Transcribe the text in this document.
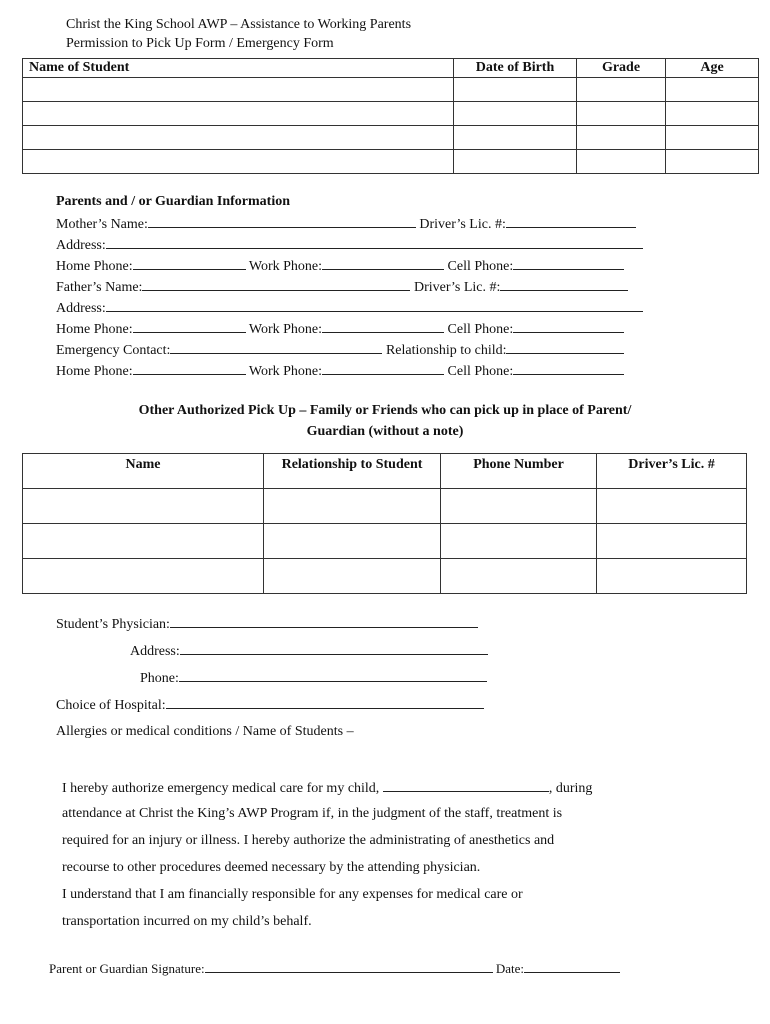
Christ the King School AWP – Assistance to Working Parents
Permission to Pick Up Form / Emergency Form
Name of Student	Date of Birth	Grade	Age

Parents and / or Guardian Information
Mother’s Name:	Driver’s Lic. #:
Address:
Home Phone:	Work Phone:	Cell Phone:
Father’s Name:	Driver’s Lic. #:
Address:
Home Phone:	Work Phone:	Cell Phone:
Emergency Contact:	Relationship to child:
Home Phone:	Work Phone:	Cell Phone:
Other Authorized Pick Up – Family or Friends who can pick up in place of Parent/
Guardian (without a note)
Name	Relationship to Student	Phone Number	Driver’s Lic. #

Student’s Physician:
Address:
Phone:
Choice of Hospital:
Allergies or medical conditions / Name of Students –
I hereby authorize emergency medical care for my child,	, during
attendance at Christ the King’s AWP Program if, in the judgment of the staff, treatment is
required for an injury or illness. I hereby authorize the administrating of anesthetics and
recourse to other procedures deemed necessary by the attending physician.
I understand that I am financially responsible for any expenses for medical care or
transportation incurred on my child’s behalf.
Parent or Guardian Signature:	Date:
